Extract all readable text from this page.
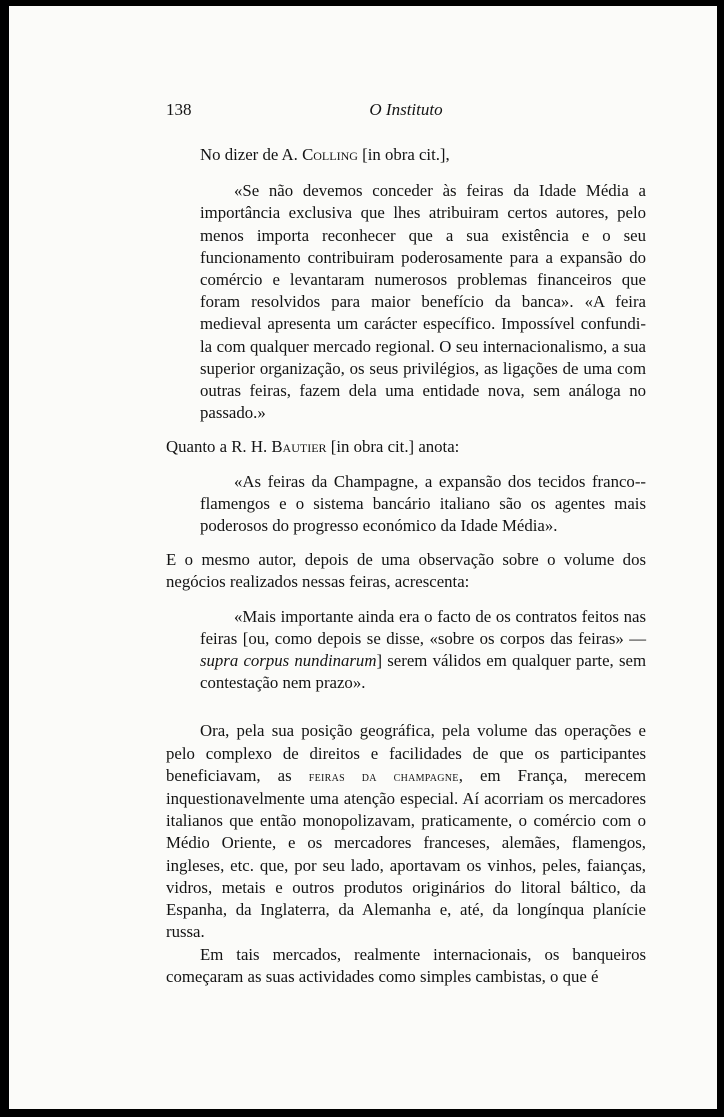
138	O Instituto

No dizer de A. Colling [in obra cit.],

«Se não devemos conceder às feiras da Idade Média a importância exclusiva que lhes atribuiram certos autores, pelo menos importa reconhecer que a sua existência e o seu funcionamento contribuiram poderosamente para a expansão do comércio e levantaram numerosos problemas financeiros que foram resolvidos para maior benefício da banca». «A feira medieval apresenta um carácter específico. Impossível confundi-la com qualquer mercado regional. O seu internacionalismo, a sua superior organização, os seus privilégios, as ligações de uma com outras feiras, fazem dela uma entidade nova, sem análoga no passado.»

Quanto a R. H. Bautier [in obra cit.] anota:

«As feiras da Champagne, a expansão dos tecidos franco--flamengos e o sistema bancário italiano são os agentes mais poderosos do progresso económico da Idade Média».

E o mesmo autor, depois de uma observação sobre o volume dos negócios realizados nessas feiras, acrescenta:

«Mais importante ainda era o facto de os contratos feitos nas feiras [ou, como depois se disse, «sobre os corpos das feiras» — supra corpus nundinarum] serem válidos em qualquer parte, sem contestação nem prazo».

Ora, pela sua posição geográfica, pela volume das operações e pelo complexo de direitos e facilidades de que os participantes beneficiavam, as feiras da champagne, em França, merecem inquestionavelmente uma atenção especial. Aí acorriam os mercadores italianos que então monopolizavam, praticamente, o comércio com o Médio Oriente, e os mercadores franceses, alemães, flamengos, ingleses, etc. que, por seu lado, aportavam os vinhos, peles, faianças, vidros, metais e outros produtos originários do litoral báltico, da Espanha, da Inglaterra, da Alemanha e, até, da longínqua planície russa.

Em tais mercados, realmente internacionais, os banqueiros começaram as suas actividades como simples cambistas, o que é
